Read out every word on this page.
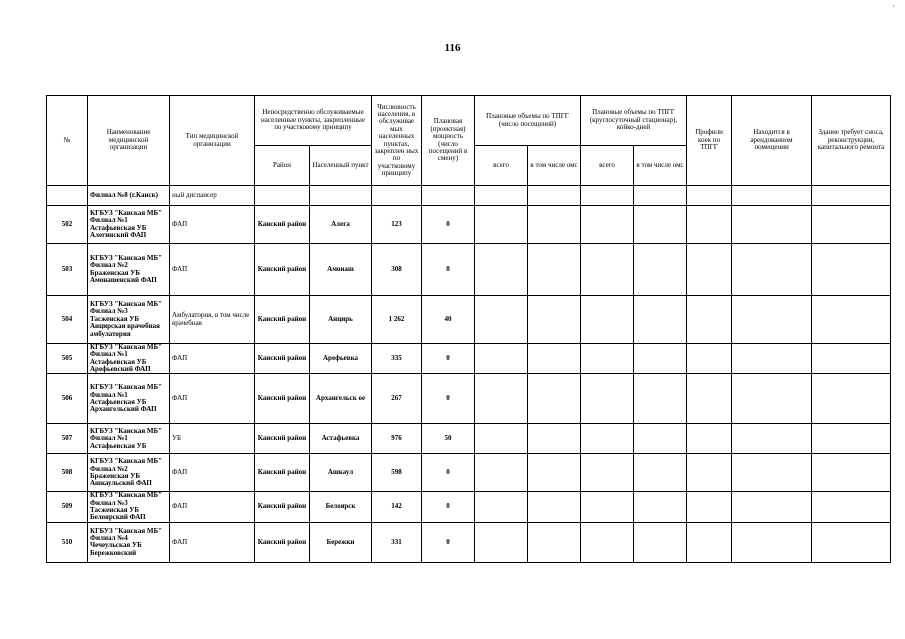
116
·
№	Наименование медицинской организации	Тип медицинской организации	Непосредственно обслуживаемые населенные пункты, закрепленные по участковому принципу		Численность населения, в обслуживае мых населенных пунктах, закреплен ных по участковому принципу	Плановая (проектная) мощность (число посещений в смену)	Плановые объемы по ТПГГ (число посещений)		Плановые объемы по ТПГГ (круглосуточный стационар), койко-дней		Профили коек по ТПГГ	Находится в арендованном помещении	Здание требует сноса, реконструкции, капитального ремонта
			Район	Населенный пункт			всего	в том числе омс	всего	в том числе омс			
	Филиал №8 (г.Канск)	ный диспансер											
502	КГБУЗ "Канская МБ" Филиал №1 Астафьевская УБ Алегинский ФАП	ФАП	Канский район	Алега	123	0							
503	КГБУЗ "Канская МБ" Филиал №2 Браженская УБ Амонашенский ФАП	ФАП	Канский район	Амонаш	308	0							
504	КГБУЗ "Канская МБ" Филиал №3 Тасженская УБ Анцирская врачебная амбулатория	Амбулатория, в том числе врачебная	Канский район	Анцирь	1 262	40							
505	КГБУЗ "Канская МБ" Филиал №1 Астафьевская УБ Арефьевский ФАП	ФАП	Канский район	Арефьевка	335	0							
506	КГБУЗ "Канская МБ" Филиал №1 Астафьевская УБ Архангельский ФАП	ФАП	Канский район	Архангельск ое	267	0							
507	КГБУЗ "Канская МБ" Филиал №1 Астафьевская УБ	УБ	Канский район	Астафьевка	976	50							
508	КГБУЗ "Канская МБ" Филиал №2 Браженская УБ Ашкаульский ФАП	ФАП	Канский район	Ашкаул	598	0							
509	КГБУЗ "Канская МБ" Филиал №3 Тасженская УБ Белоярский ФАП	ФАП	Канский район	Белоярск	142	0							
510	КГБУЗ "Канская МБ" Филиал №4 Чечеульская УБ Бережковский	ФАП	Канский район	Бережки	331	0							
